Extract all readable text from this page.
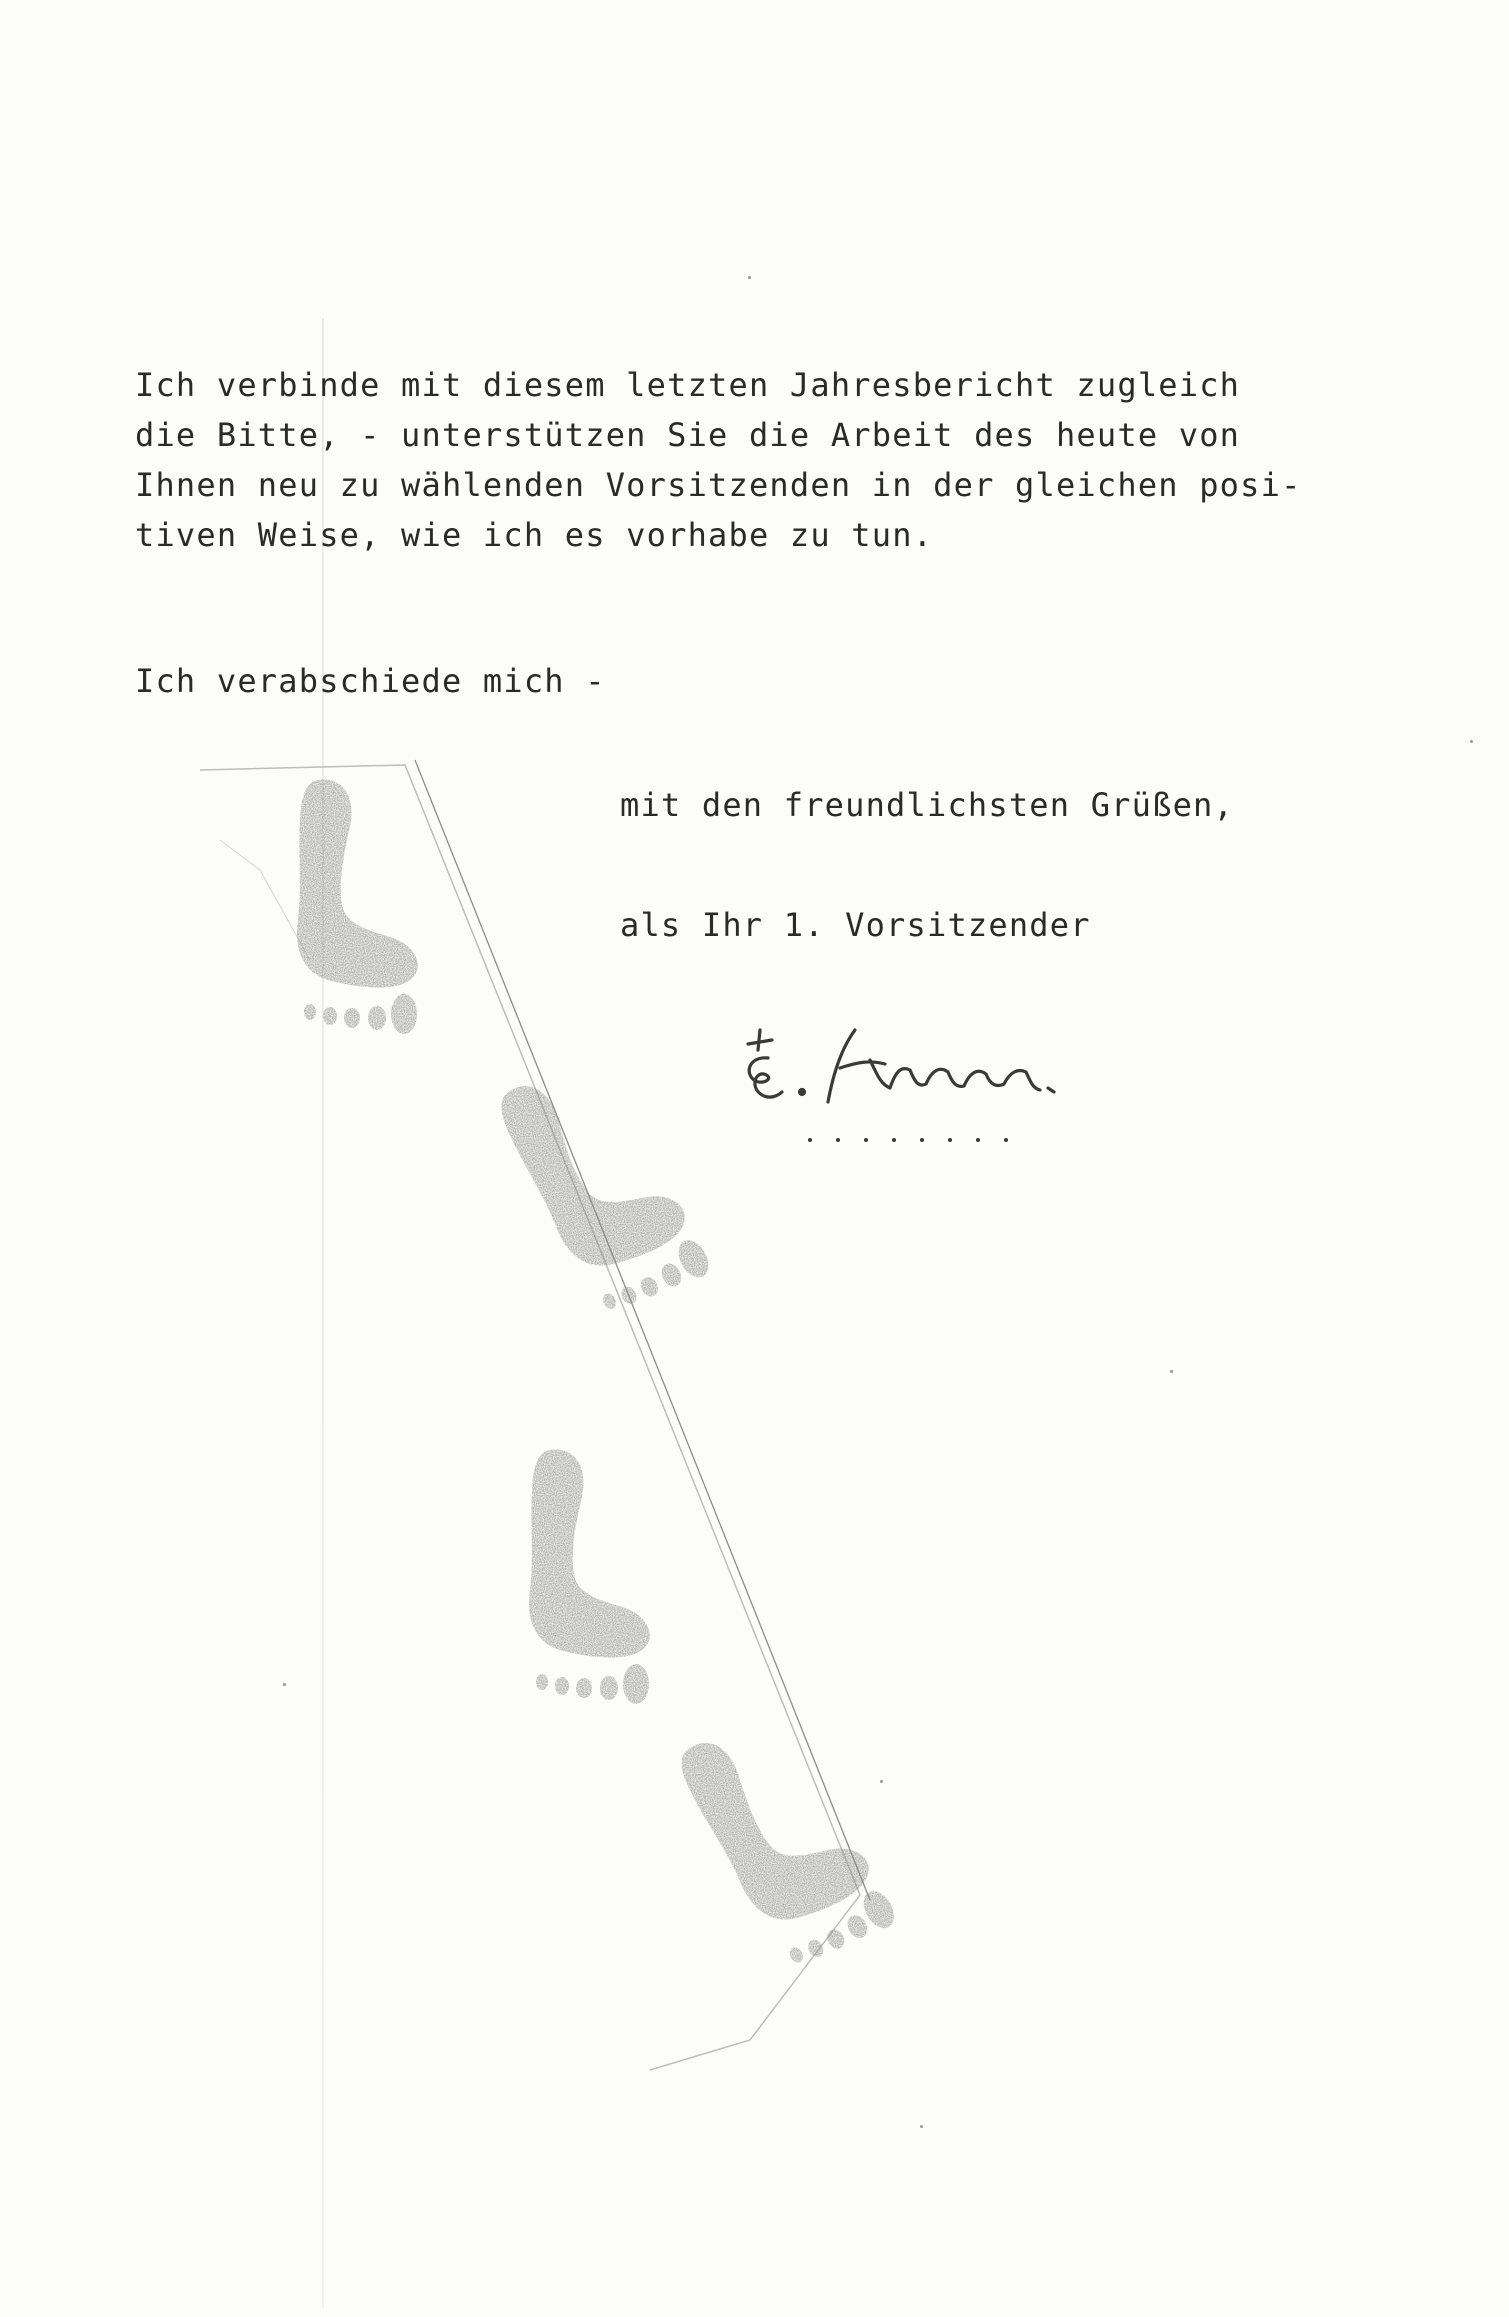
Ich verbinde mit diesem letzten Jahresbericht zugleich
die Bitte, - unterstützen Sie die Arbeit des heute von
Ihnen neu zu wählenden Vorsitzenden in der gleichen posi-
tiven Weise, wie ich es vorhabe zu tun.
Ich verabschiede mich -
mit den freundlichsten Grüßen,
als Ihr 1. Vorsitzender
